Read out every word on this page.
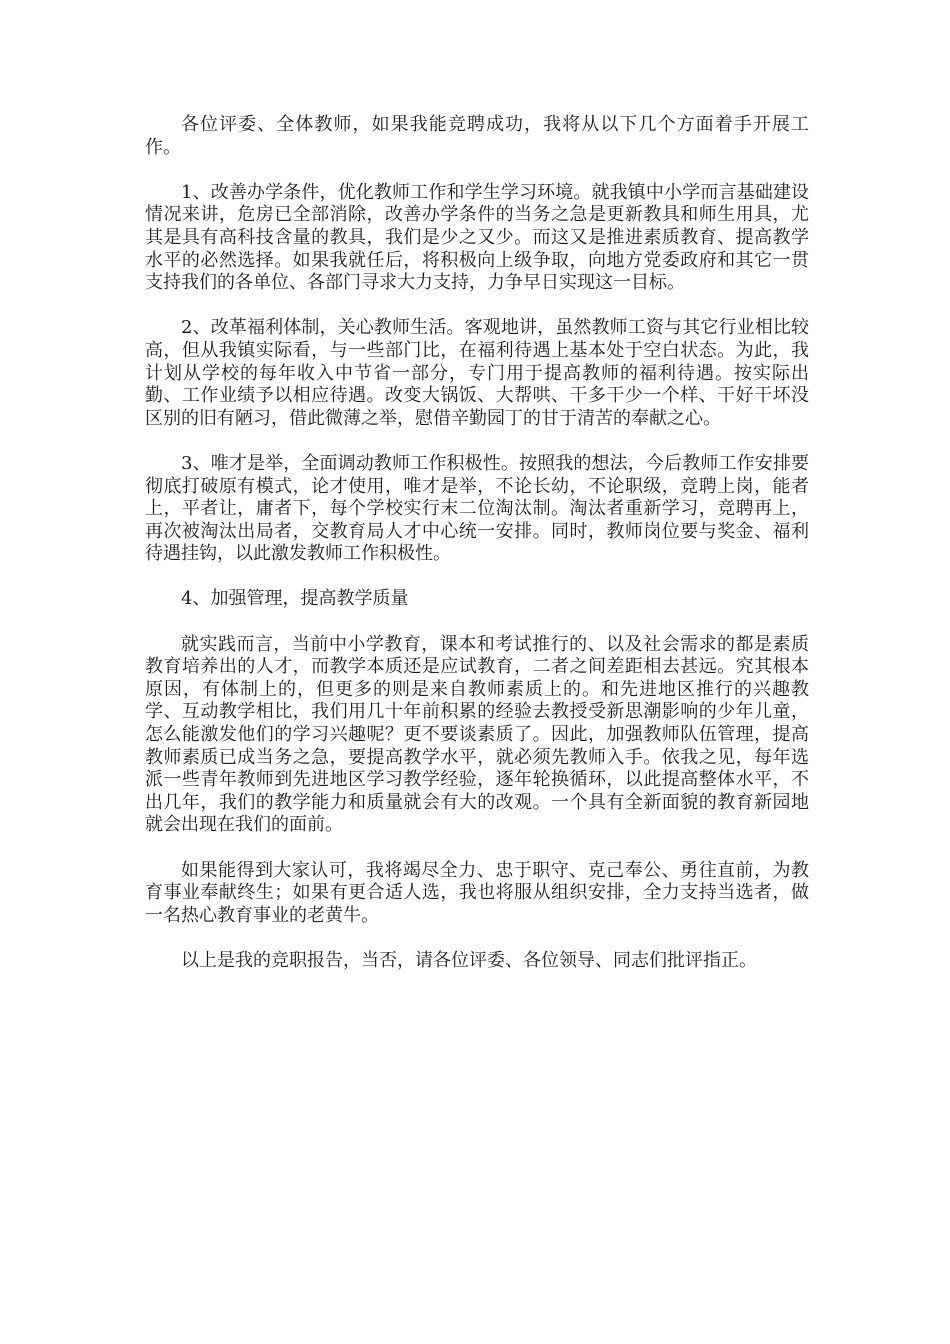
各位评委、全体教师，如果我能竞聘成功，我将从以下几个方面着手开展工作。

1、改善办学条件，优化教师工作和学生学习环境。就我镇中小学而言基础建设情况来讲，危房已全部消除，改善办学条件的当务之急是更新教具和师生用具，尤其是具有高科技含量的教具，我们是少之又少。而这又是推进素质教育、提高教学水平的必然选择。如果我就任后，将积极向上级争取，向地方党委政府和其它一贯支持我们的各单位、各部门寻求大力支持，力争早日实现这一目标。

2、改革福利体制，关心教师生活。客观地讲，虽然教师工资与其它行业相比较高，但从我镇实际看，与一些部门比，在福利待遇上基本处于空白状态。为此，我计划从学校的每年收入中节省一部分，专门用于提高教师的福利待遇。按实际出勤、工作业绩予以相应待遇。改变大锅饭、大帮哄、干多干少一个样、干好干坏没区别的旧有陋习，借此微薄之举，慰借辛勤园丁的甘于清苦的奉献之心。

3、唯才是举，全面调动教师工作积极性。按照我的想法，今后教师工作安排要彻底打破原有模式，论才使用，唯才是举，不论长幼，不论职级，竞聘上岗，能者上，平者让，庸者下，每个学校实行末二位淘汰制。淘汰者重新学习，竞聘再上，再次被淘汰出局者，交教育局人才中心统一安排。同时，教师岗位要与奖金、福利待遇挂钩，以此激发教师工作积极性。

4、加强管理，提高教学质量

就实践而言，当前中小学教育，课本和考试推行的、以及社会需求的都是素质教育培养出的人才，而教学本质还是应试教育，二者之间差距相去甚远。究其根本原因，有体制上的，但更多的则是来自教师素质上的。和先进地区推行的兴趣教学、互动教学相比，我们用几十年前积累的经验去教授受新思潮影响的少年儿童，怎么能激发他们的学习兴趣呢？更不要谈素质了。因此，加强教师队伍管理，提高教师素质已成当务之急，要提高教学水平，就必须先教师入手。依我之见，每年选派一些青年教师到先进地区学习教学经验，逐年轮换循环，以此提高整体水平，不出几年，我们的教学能力和质量就会有大的改观。一个具有全新面貌的教育新园地就会出现在我们的面前。

如果能得到大家认可，我将竭尽全力、忠于职守、克己奉公、勇往直前，为教育事业奉献终生；如果有更合适人选，我也将服从组织安排，全力支持当选者，做一名热心教育事业的老黄牛。

以上是我的竞职报告，当否，请各位评委、各位领导、同志们批评指正。
